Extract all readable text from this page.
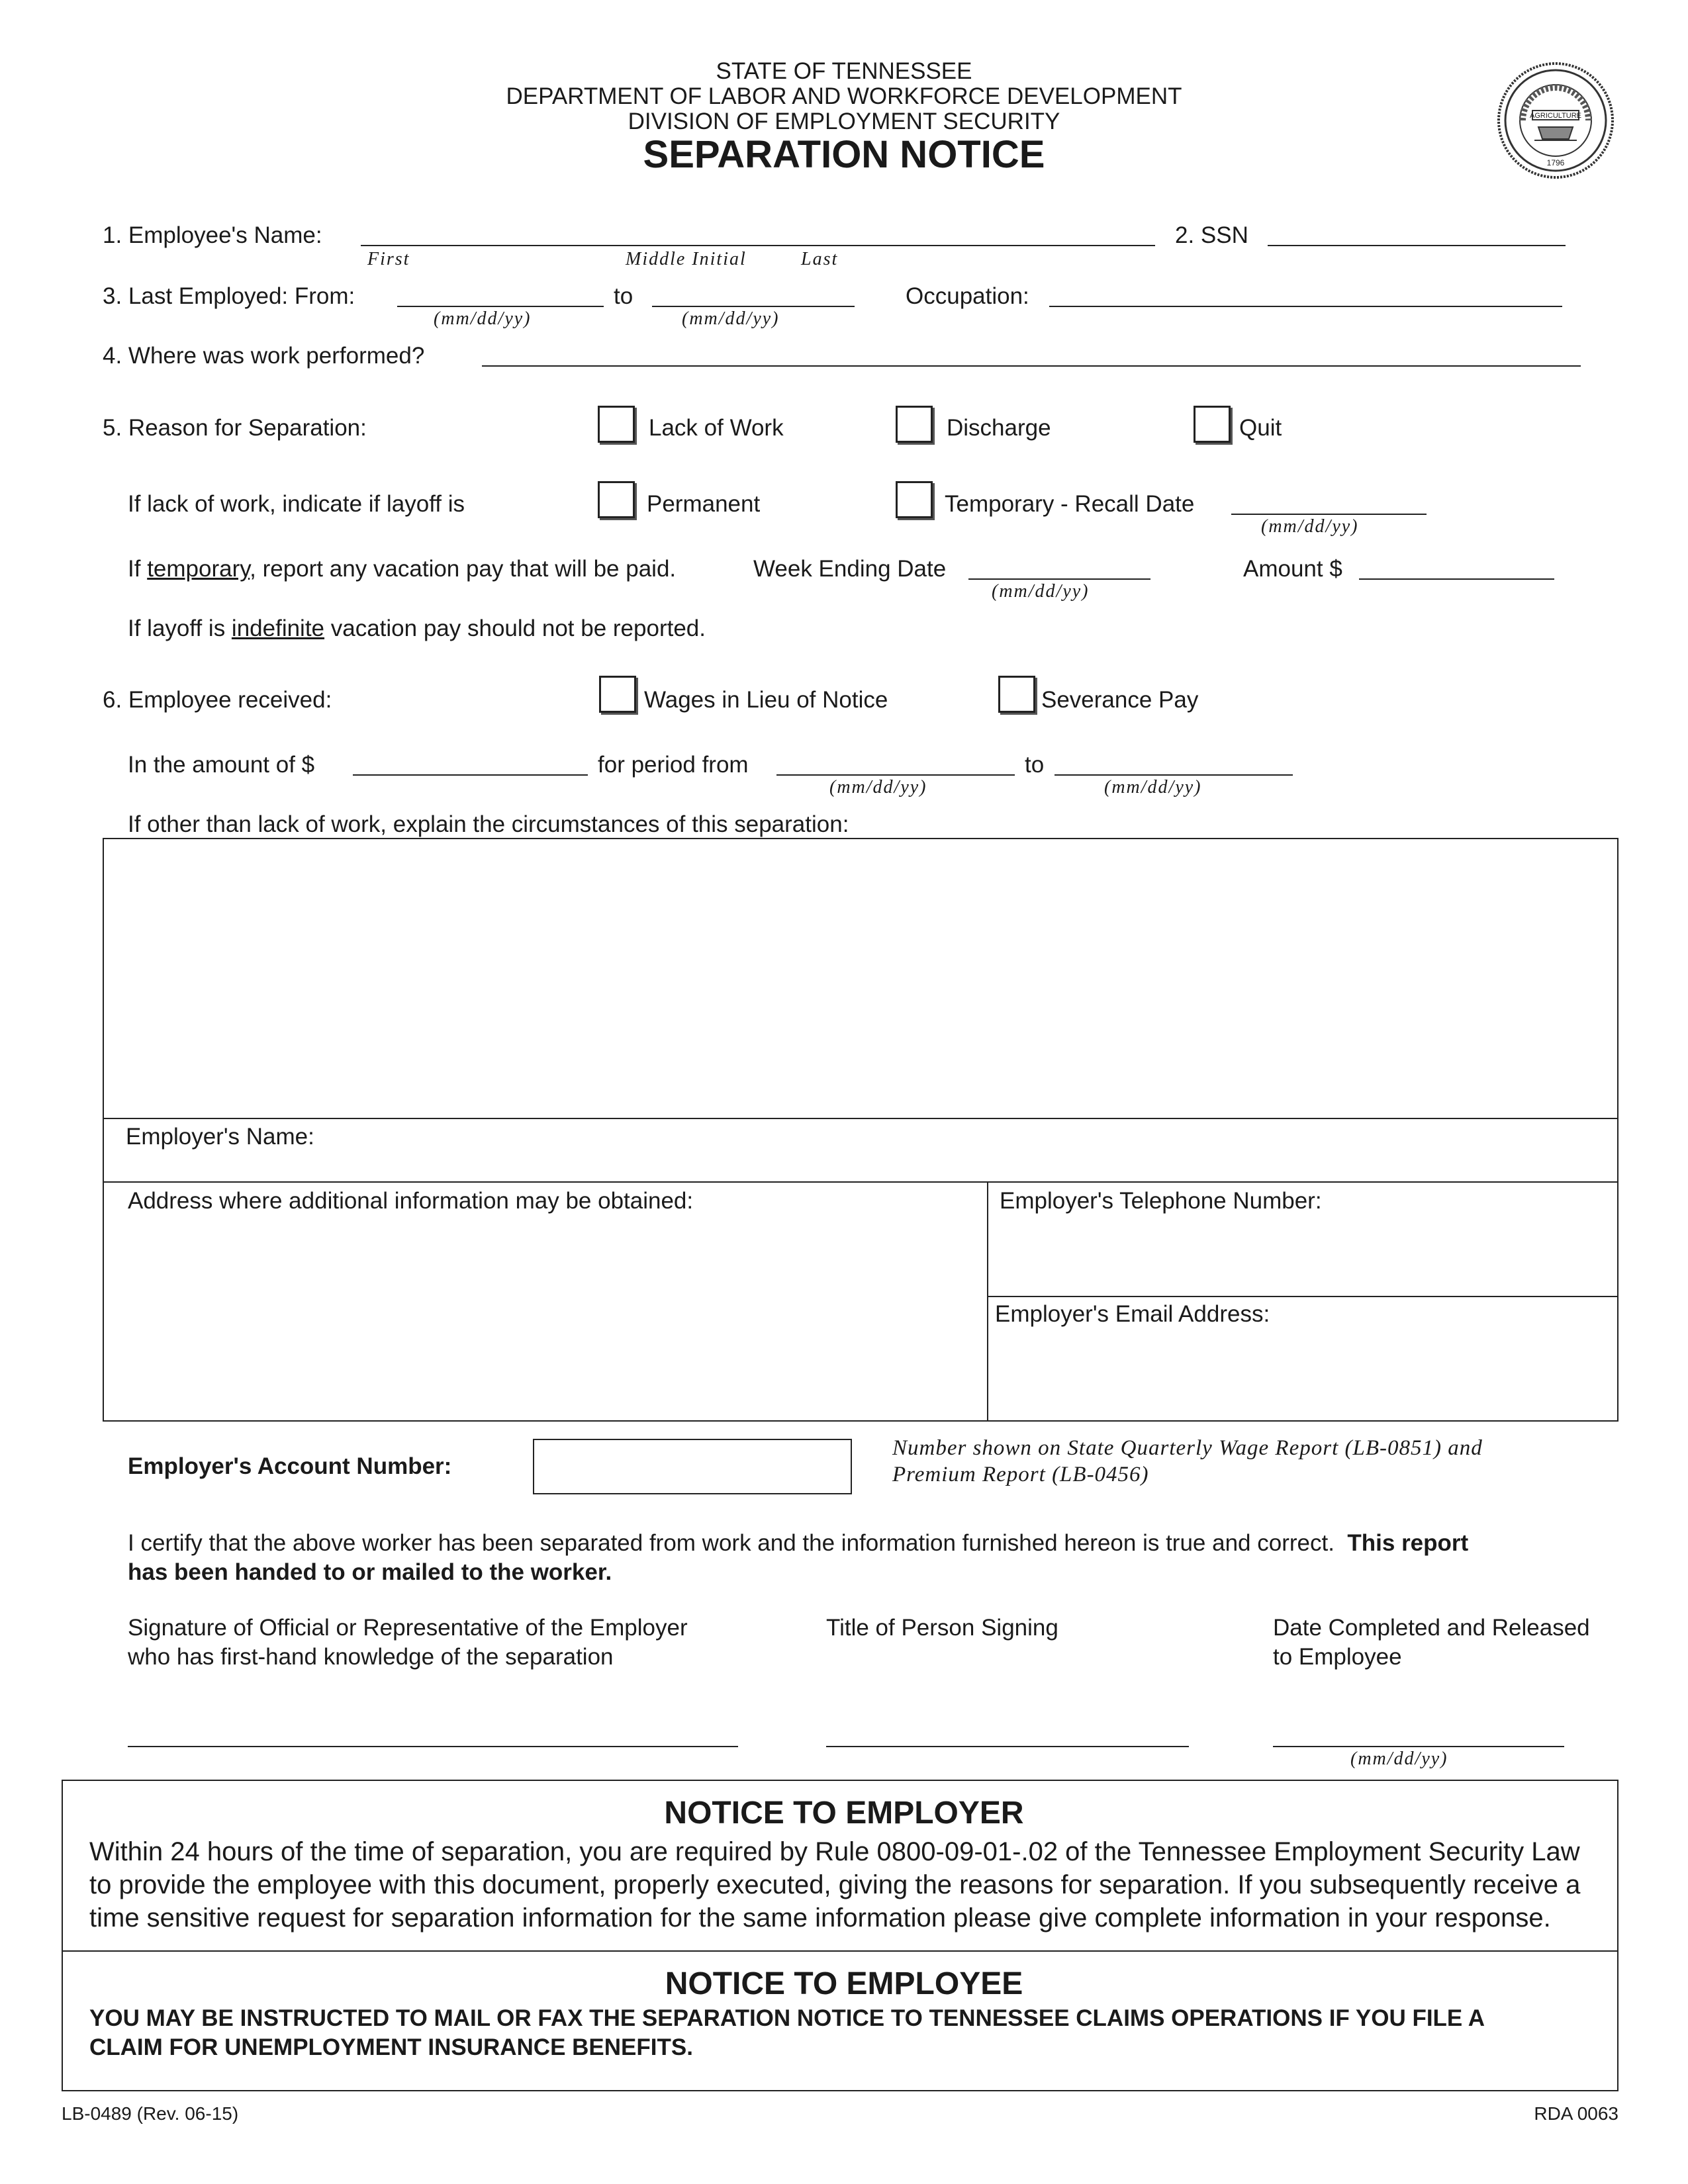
STATE OF TENNESSEE
DEPARTMENT OF LABOR AND WORKFORCE DEVELOPMENT
DIVISION OF EMPLOYMENT SECURITY
SEPARATION NOTICE
AGRICULTURE
1796
1. Employee's Name:
First	Middle Initial	Last
2. SSN
3. Last Employed: From:
(mm/dd/yy)
to
(mm/dd/yy)
Occupation:
4. Where was work performed?
5. Reason for Separation:	Lack of Work	Discharge	Quit
If lack of work, indicate if layoff is	Permanent	Temporary - Recall Date
(mm/dd/yy)
If temporary, report any vacation pay that will be paid.	Week Ending Date
(mm/dd/yy)
Amount $
If layoff is indefinite vacation pay should not be reported.
6. Employee received:	Wages in Lieu of Notice	Severance Pay
In the amount of $	for period from
(mm/dd/yy)
to
(mm/dd/yy)
If other than lack of work, explain the circumstances of this separation:
Employer's Name:
Address where additional information may be obtained:	Employer's Telephone Number:
Employer's Email Address:
Employer's Account Number:
Number shown on State Quarterly Wage Report (LB-0851) and
Premium Report (LB-0456)
I certify that the above worker has been separated from work and the information furnished hereon is true and correct. This report
has been handed to or mailed to the worker.
Signature of Official or Representative of the Employer
who has first-hand knowledge of the separation
Title of Person Signing	Date Completed and Released
to Employee
(mm/dd/yy)
NOTICE TO EMPLOYER
Within 24 hours of the time of separation, you are required by Rule 0800-09-01-.02 of the Tennessee Employment Security Law
to provide the employee with this document, properly executed, giving the reasons for separation. If you subsequently receive a
time sensitive request for separation information for the same information please give complete information in your response.
NOTICE TO EMPLOYEE
YOU MAY BE INSTRUCTED TO MAIL OR FAX THE SEPARATION NOTICE TO TENNESSEE CLAIMS OPERATIONS IF YOU FILE A
CLAIM FOR UNEMPLOYMENT INSURANCE BENEFITS.
LB-0489 (Rev. 06-15)	RDA 0063
